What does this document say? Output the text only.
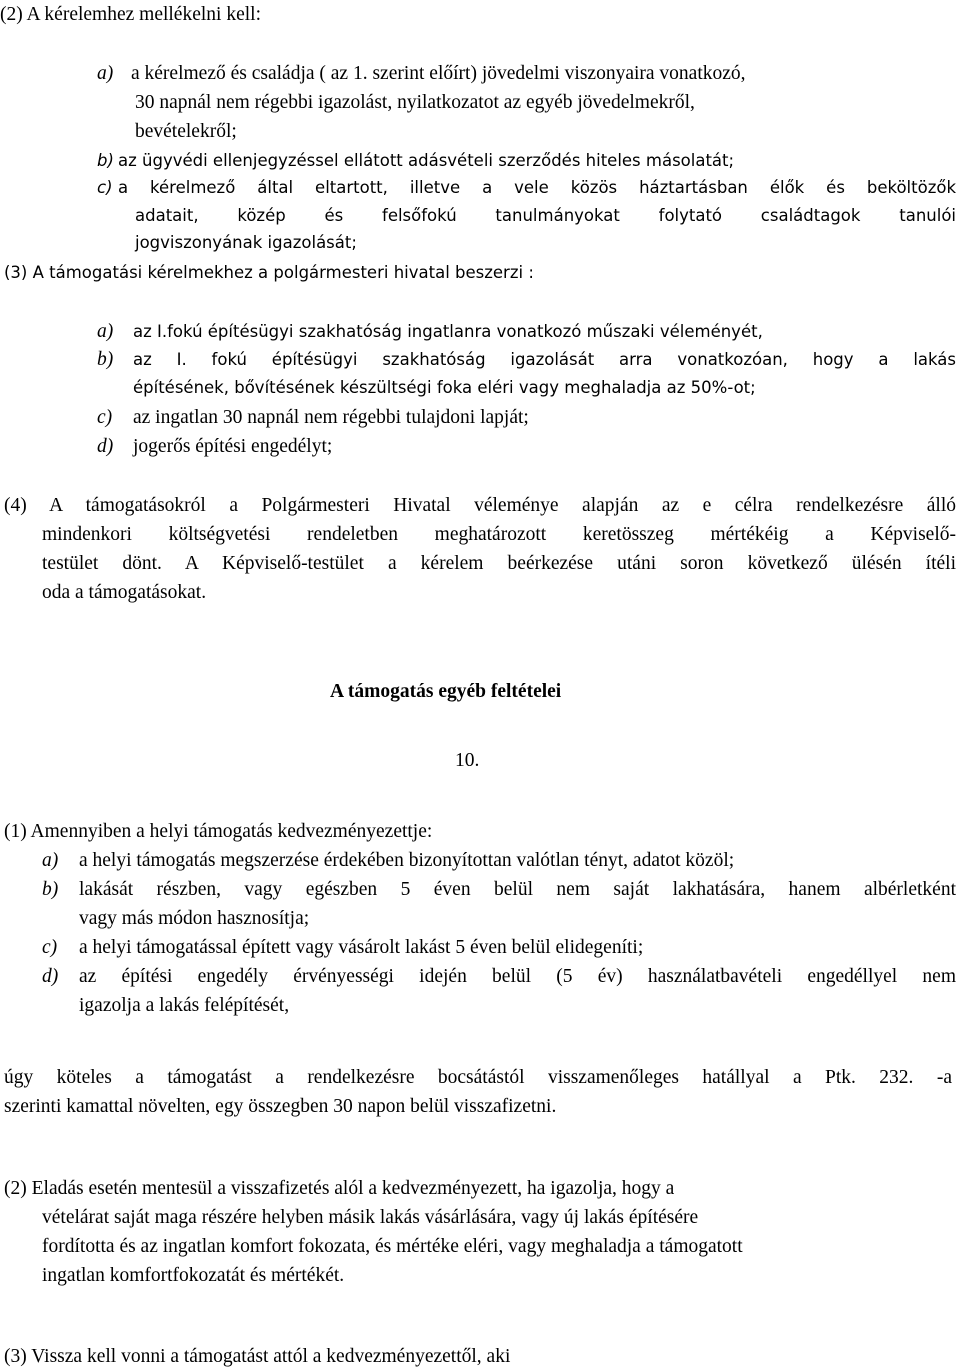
(2) A kérelemhez mellékelni kell:
a) a kérelmező és családja ( az 1. szerint előírt) jövedelmi viszonyaira vonatkozó,
30 napnál nem régebbi igazolást, nyilatkozatot az egyéb jövedelmekről,
bevételekről;
b) az ügyvédi ellenjegyzéssel ellátott adásvételi szerződés hiteles másolatát;
c) a kérelmező által eltartott, illetve a vele közös háztartásban élők és beköltözők
adatait, közép és felsőfokú tanulmányokat folytató családtagok tanulói
jogviszonyának igazolását;
(3) A támogatási kérelmekhez a polgármesteri hivatal beszerzi :
a) az I.fokú építésügyi szakhatóság ingatlanra vonatkozó műszaki véleményét,
b) az I. fokú építésügyi szakhatóság igazolását arra vonatkozóan, hogy a lakás
építésének, bővítésének készültségi foka eléri vagy meghaladja az 50%-ot;
c) az ingatlan 30 napnál nem régebbi tulajdoni lapját;
d) jogerős építési engedélyt;
(4) A támogatásokról a Polgármesteri Hivatal véleménye alapján az e célra rendelkezésre álló
mindenkori költségvetési rendeletben meghatározott keretösszeg mértékéig a Képviselő-
testület dönt. A Képviselő-testület a kérelem beérkezése utáni soron következő ülésén ítéli
oda a támogatásokat.
A támogatás egyéb feltételei
10.
(1) Amennyiben a helyi támogatás kedvezményezettje:
a) a helyi támogatás megszerzése érdekében bizonyítottan valótlan tényt, adatot közöl;
b) lakását részben, vagy egészben 5 éven belül nem saját lakhatására, hanem albérletként
vagy más módon hasznosítja;
c) a helyi támogatással épített vagy vásárolt lakást 5 éven belül elidegeníti;
d) az építési engedély érvényességi idején belül (5 év) használatbavételi engedéllyel nem
igazolja a lakás felépítését,
úgy köteles a támogatást a rendelkezésre bocsátástól visszamenőleges hatállyal a Ptk. 232. -a
szerinti kamattal növelten, egy összegben 30 napon belül visszafizetni.
(2) Eladás esetén mentesül a visszafizetés alól a kedvezményezett, ha igazolja, hogy a
vételárat saját maga részére helyben másik lakás vásárlására, vagy új lakás építésére
fordította és az ingatlan komfort fokozata, és mértéke eléri, vagy meghaladja a támogatott
ingatlan komfortfokozatát és mértékét.
(3) Vissza kell vonni a támogatást attól a kedvezményezettől, aki
